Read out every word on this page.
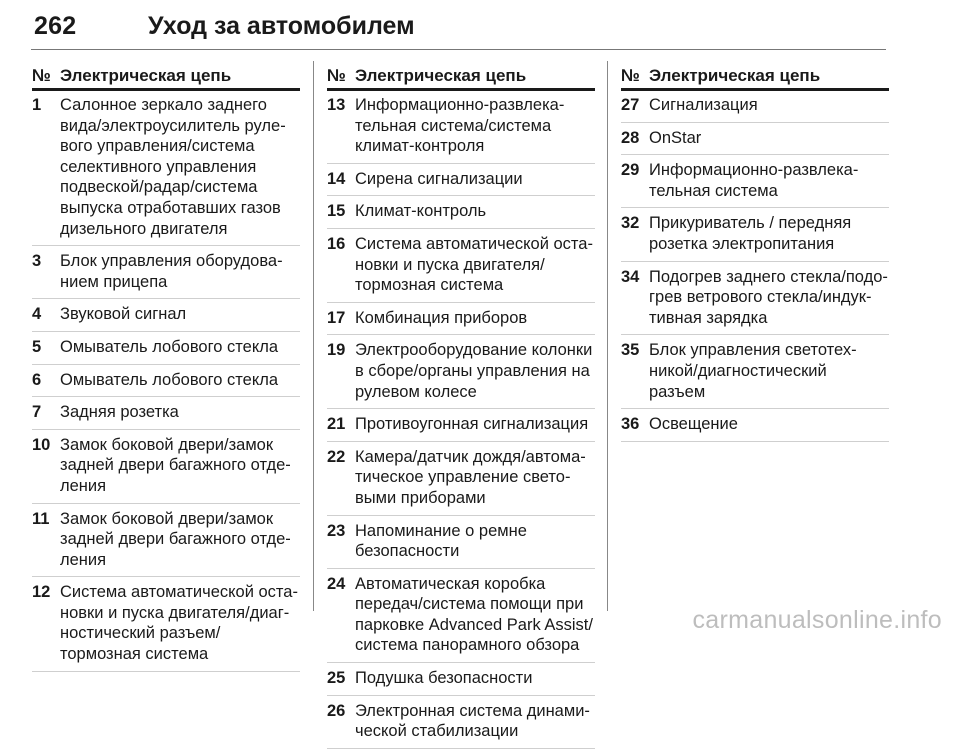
262	Уход за автомобилем
№ Электрическая цепь
1	Салонное зеркало заднего
вида/электроусилитель руле-
вого управления/система
селективного управления
подвеской/радар/система
выпуска отработавших газов
дизельного двигателя
3	Блок управления оборудова-
нием прицепа
4	Звуковой сигнал
5	Омыватель лобового стекла
6	Омыватель лобового стекла
7	Задняя розетка
10 Замок боковой двери/замок
задней двери багажного отде-
ления
11 Замок боковой двери/замок
задней двери багажного отде-
ления
12 Система автоматической оста-
новки и пуска двигателя/диаг-
ностический разъем/
тормозная система
№ Электрическая цепь
13 Информационно-развлека-
тельная система/система
климат-контроля
14 Сирена сигнализации
15 Климат-контроль
16 Система автоматической оста-
новки и пуска двигателя/
тормозная система
17 Комбинация приборов
19 Электрооборудование колонки
в сборе/органы управления на
рулевом колесе
21 Противоугонная сигнализация
22 Камера/датчик дождя/автома-
тическое управление свето-
выми приборами
23 Напоминание о ремне
безопасности
24 Автоматическая коробка
передач/система помощи при
парковке Advanced Park Assist/
система панорамного обзора
25 Подушка безопасности
26 Электронная система динами-
ческой стабилизации
№ Электрическая цепь
27 Сигнализация
28 OnStar
29 Информационно-развлека-
тельная система
32 Прикуриватель / передняя
розетка электропитания
34 Подогрев заднего стекла/подо-
грев ветрового стекла/индук-
тивная зарядка
35 Блок управления светотех-
никой/диагностический
разъем
36 Освещение
carmanualsonline.info
